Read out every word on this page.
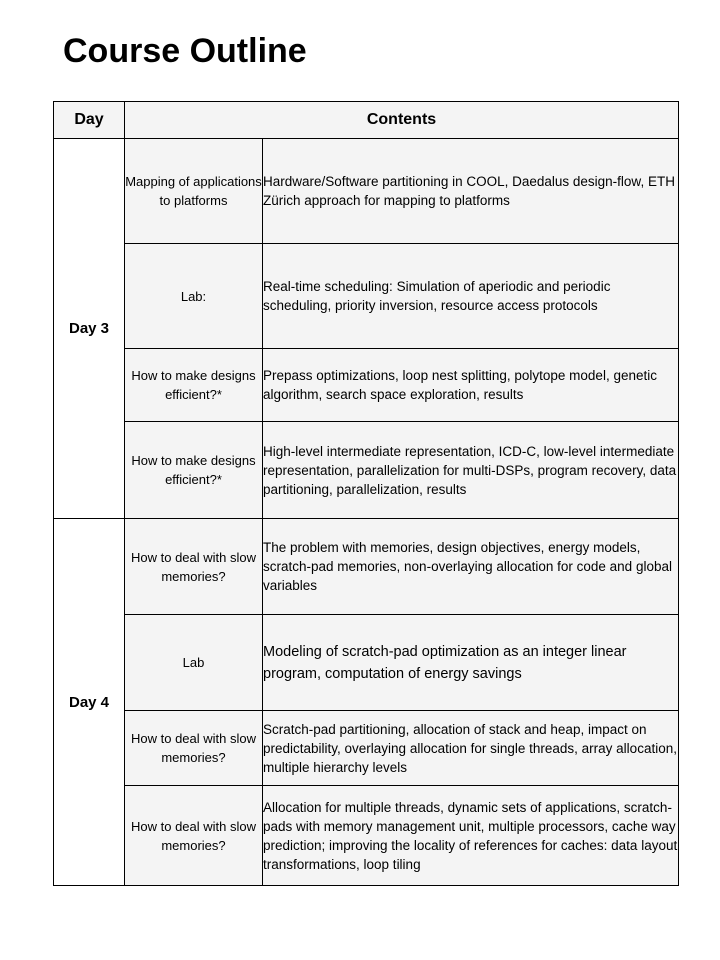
Course Outline
Day	Contents	
Day 3	Mapping of applications to platforms	Hardware/Software partitioning in COOL, Daedalus design-flow, ETH Zürich approach for mapping to platforms
	Lab:	Real-time scheduling: Simulation of aperiodic and periodic scheduling, priority inversion, resource access protocols
	How to make designs efficient?*	Prepass optimizations, loop nest splitting, polytope model, genetic algorithm, search space exploration, results
	How to make designs efficient?*	High-level intermediate representation, ICD-C, low-level intermediate representation, parallelization for multi-DSPs, program recovery, data partitioning, parallelization, results
Day 4	How to deal with slow memories?	The problem with memories, design objectives, energy models, scratch-pad memories, non-overlaying allocation for code and global variables
	Lab	Modeling of scratch-pad optimization as an integer linear program, computation of energy savings
	How to deal with slow memories?	Scratch-pad partitioning, allocation of stack and heap, impact on predictability, overlaying allocation for single threads, array allocation, multiple hierarchy levels
	How to deal with slow memories?	Allocation for multiple threads, dynamic sets of applications, scratch-pads with memory management unit, multiple processors, cache way prediction; improving the locality of references for caches: data layout transformations, loop tiling
